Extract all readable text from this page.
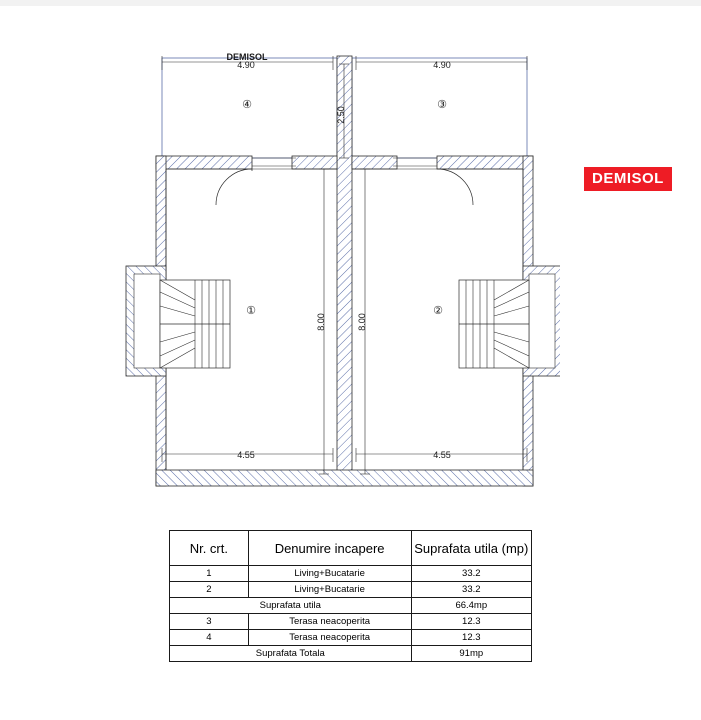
4.90	4.90
2.50
8.00	8.00
4.55	4.55
DEMISOL
①	②
③
④
DEMISOL
Nr. crt.	Denumire incapere	Suprafata utila (mp)
1	Living+Bucatarie	33.2
2	Living+Bucatarie	33.2
Suprafata utila		66.4mp
3	Terasa neacoperita	12.3
4	Terasa neacoperita	12.3
Suprafata Totala		91mp
